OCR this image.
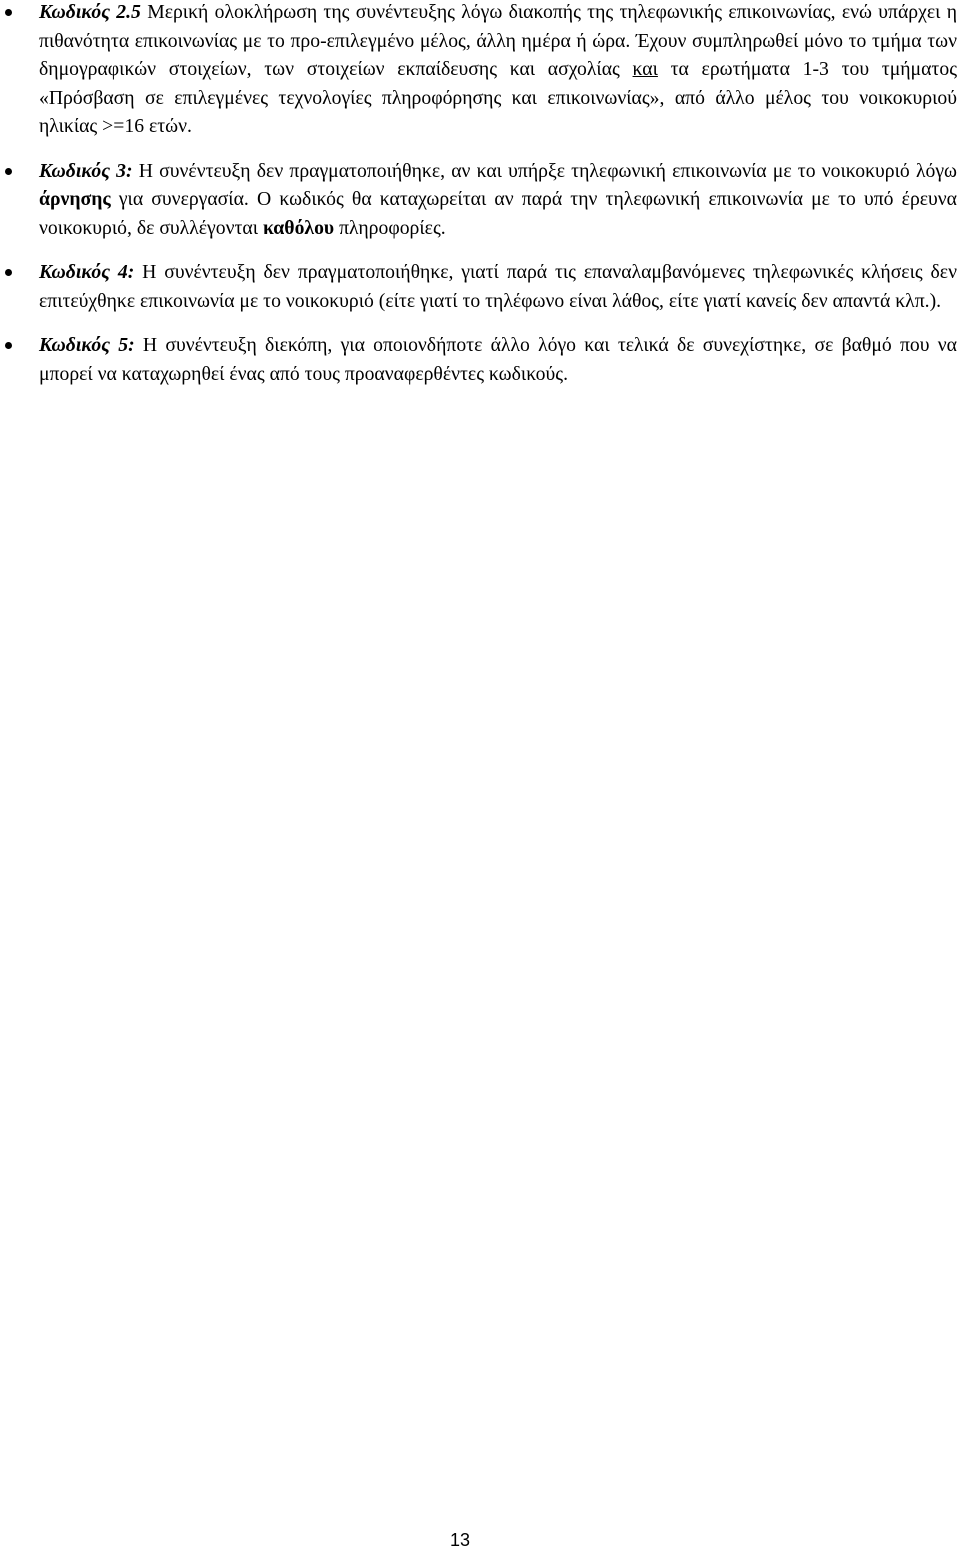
Κωδικός 2.5 Μερική ολοκλήρωση της συνέντευξης λόγω διακοπής της τηλεφωνικής επικοινωνίας, ενώ υπάρχει η πιθανότητα επικοινωνίας με το προ-επιλεγμένο μέλος, άλλη ημέρα ή ώρα. Έχουν συμπληρωθεί μόνο το τμήμα των δημογραφικών στοιχείων, των στοιχείων εκπαίδευσης και ασχολίας και τα ερωτήματα 1-3 του τμήματος «Πρόσβαση σε επιλεγμένες τεχνολογίες πληροφόρησης και επικοινωνίας», από άλλο μέλος του νοικοκυριού ηλικίας >=16 ετών.
Κωδικός 3: Η συνέντευξη δεν πραγματοποιήθηκε, αν και υπήρξε τηλεφωνική επικοινωνία με το νοικοκυριό λόγω άρνησης για συνεργασία. Ο κωδικός θα καταχωρείται αν παρά την τηλεφωνική επικοινωνία με το υπό έρευνα νοικοκυριό, δε συλλέγονται καθόλου πληροφορίες.
Κωδικός 4: Η συνέντευξη δεν πραγματοποιήθηκε, γιατί παρά τις επαναλαμβανόμενες τηλεφωνικές κλήσεις δεν επιτεύχθηκε επικοινωνία με το νοικοκυριό (είτε γιατί το τηλέφωνο είναι λάθος, είτε γιατί κανείς δεν απαντά κλπ.).
Κωδικός 5: Η συνέντευξη διεκόπη, για οποιονδήποτε άλλο λόγο και τελικά δε συνεχίστηκε, σε βαθμό που να μπορεί να καταχωρηθεί ένας από τους προαναφερθέντες κωδικούς.
13
